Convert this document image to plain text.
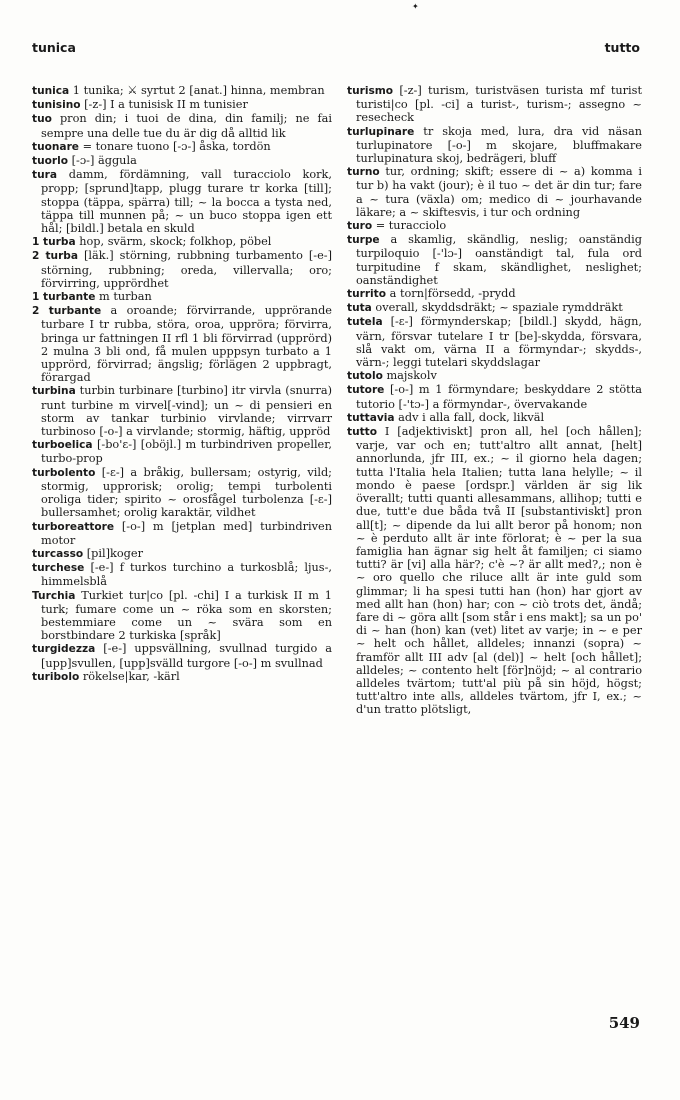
✦
tunica	tutto

tunica 1 tunika; ⚔ syrtut 2 [anat.] hinna, membran

tunisino [-z-] I a tunisisk II m tunisier

tuo pron din; i tuoi de dina, din familj; ne fai sempre una delle tue du är dig då alltid lik

tuonare = tonare tuono [-ɔ-] åska, tordön

tuorlo [-ɔ-] äggula

tura damm, fördämning, vall turacciolo kork, propp; [sprund]tapp, plugg turare tr korka [till]; stoppa (täppa, spärra) till; ~ la bocca a tysta ned, täppa till munnen på; ~ un buco stoppa igen ett hål; [bildl.] betala en skuld

1 turba hop, svärm, skock; folkhop, pöbel

2 turba [läk.] störning, rubbning turbamento [-e-] störning, rubbning; oreda, villervalla; oro; förvirring, upprördhet

1 turbante m turban

2 turbante a oroande; förvirrande, upprörande turbare I tr rubba, störa, oroa, uppröra; förvirra, bringa ur fattningen II rfl 1 bli förvirrad (upprörd) 2 mulna 3 bli ond, få mulen upppsyn turbato a 1 upprörd, förvirrad; ängslig; förlägen 2 uppbragt, förargad

turbina turbin turbinare [turbino] itr virvla (snurra) runt turbine m virvel[-vind]; un ~ di pensieri en storm av tankar turbinio virvlande; virrvarr turbinoso [-o-] a virvlande; stormig, häftig, uppröd

turboelica [-bo'ε-] [oböjl.] m turbindriven propeller, turbo-prop

turbolento [-ε-] a bråkig, bullersam; ostyrig, vild; stormig, upprorisk; orolig; tempi turbolenti oroliga tider; spirito ~ orosfågel turbolenza [-ε-] bullersamhet; orolig karaktär, vildhet

turboreattore [-o-] m [jetplan med] turbindriven motor

turcasso [pil]koger

turchese [-e-] f turkos turchino a turkosblå; ljus-, himmelsblå

Turchia Turkiet tur|co [pl. -chi] I a turkisk II m 1 turk; fumare come un ~ röka som en skorsten; bestemmiare come un ~ svära som en borstbindare 2 turkiska [språk]

turgidezza [-e-] uppsvällning, svullnad turgido a [upp]svullen, [upp]svälld turgore [-o-] m svullnad

turibolo rökelse|kar, -kärl

turismo [-z-] turism, turistväsen turista mf turist turisti|co [pl. -ci] a turist-, turism-; assegno ~ resecheck

turlupinare tr skoja med, lura, dra vid näsan turlupinatore [-o-] m skojare, bluffmakare turlupinatura skoj, bedrägeri, bluff

turno tur, ordning; skift; essere di ~ a) komma i tur b) ha vakt (jour); è il tuo ~ det är din tur; fare a ~ tura (växla) om; medico di ~ jourhavande läkare; a ~ skiftesvis, i tur och ordning

turo = turacciolo

turpe a skamlig, skändlig, neslig; oanständig turpiloquio [-'lɔ-] oanständigt tal, fula ord turpitudine f skam, skändlighet, neslighet; oanständighet

turrito a torn|försedd, -prydd

tuta overall, skyddsdräkt; ~ spaziale rymddräkt

tutela [-ε-] förmynderskap; [bildl.] skydd, hägn, värn, försvar tutelare I tr [be]-skydda, försvara, slå vakt om, värna II a förmyndar-; skydds-, värn-; leggi tutelari skyddslagar

tutolo majskolv

tutore [-o-] m 1 förmyndare; beskyddare 2 stötta tutorio [-'tɔ-] a förmyndar-, övervakande

tuttavia adv i alla fall, dock, likväl

tutto I [adjektiviskt] pron all, hel [och hållen]; varje, var och en; tutt'altro allt annat, [helt] annorlunda, jfr III, ex.; ~ il giorno hela dagen; tutta l'Italia hela Italien; tutta lana helylle; ~ il mondo è paese [ordspr.] världen är sig lik överallt; tutti quanti allesammans, allihop; tutti e due, tutt'e due båda två II [substantiviskt] pron all[t]; ~ dipende da lui allt beror på honom; non ~ è perduto allt är inte förlorat; è ~ per la sua famiglia han ägnar sig helt åt familjen; ci siamo tutti? är [vi] alla här?; c'è ~? är allt med?,; non è ~ oro quello che riluce allt är inte guld som glimmar; li ha spesi tutti han (hon) har gjort av med allt han (hon) har; con ~ ciò trots det, ändå; fare di ~ göra allt [som står i ens makt]; sa un po' di ~ han (hon) kan (vet) litet av varje; in ~ e per ~ helt och hållet, alldeles; innanzi (sopra) ~ framför allt III adv [al (del)] ~ helt [och hållet]; alldeles; ~ contento helt [för]nöjd; ~ al contrario alldeles tvärtom; tutt'al più på sin höjd, högst; tutt'altro inte alls, alldeles tvärtom, jfr I, ex.; ~ d'un tratto plötsligt,

549
